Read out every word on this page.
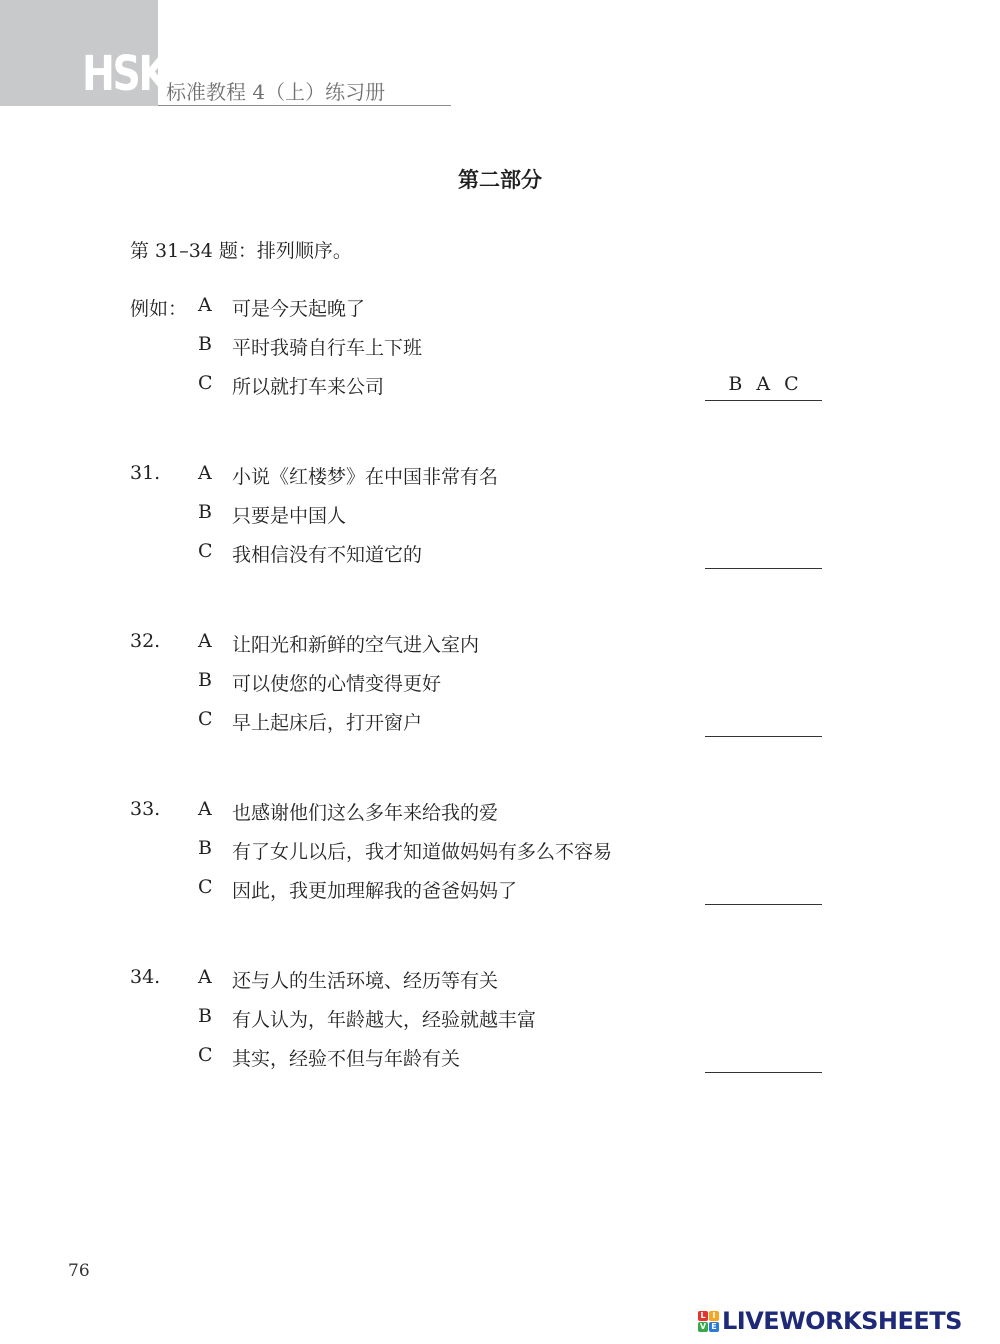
HSK 标准教程 4（上）练习册
第二部分
第 31–34 题：排列顺序。
例如： A 可是今天起晚了
B 平时我骑自行车上下班
C 所以就打车来公司	B A C
31. A 小说《红楼梦》在中国非常有名
B 只要是中国人
C 我相信没有不知道它的
32. A 让阳光和新鲜的空气进入室内
B 可以使您的心情变得更好
C 早上起床后，打开窗户
33. A 也感谢他们这么多年来给我的爱
B 有了女儿以后，我才知道做妈妈有多么不容易
C 因此，我更加理解我的爸爸妈妈了
34. A 还与人的生活环境、经历等有关
B 有人认为，年龄越大，经验就越丰富
C 其实，经验不但与年龄有关
76
L I
V E LIVEWORKSHEETS
